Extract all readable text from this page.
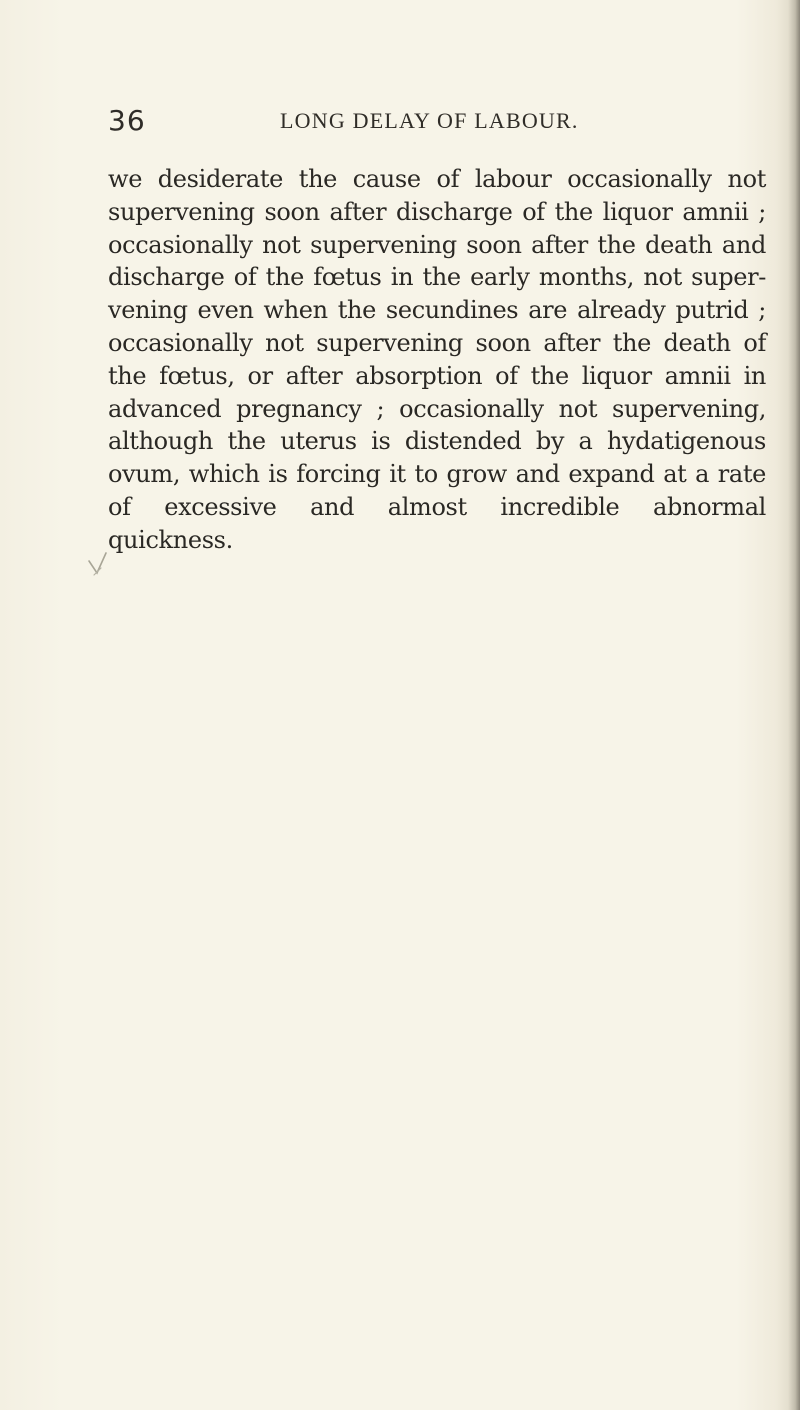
36	LONG DELAY OF LABOUR.

we desiderate the cause of labour occasionally not supervening soon after discharge of the liquor amnii ; occasionally not supervening soon after the death and discharge of the fœtus in the early months, not super-vening even when the secundines are already putrid ; occasionally not supervening soon after the death of the fœtus, or after absorption of the liquor amnii in advanced pregnancy ; occasionally not supervening, although the uterus is distended by a hydatigenous ovum, which is forcing it to grow and expand at a rate of excessive and almost incredible abnormal quickness.
